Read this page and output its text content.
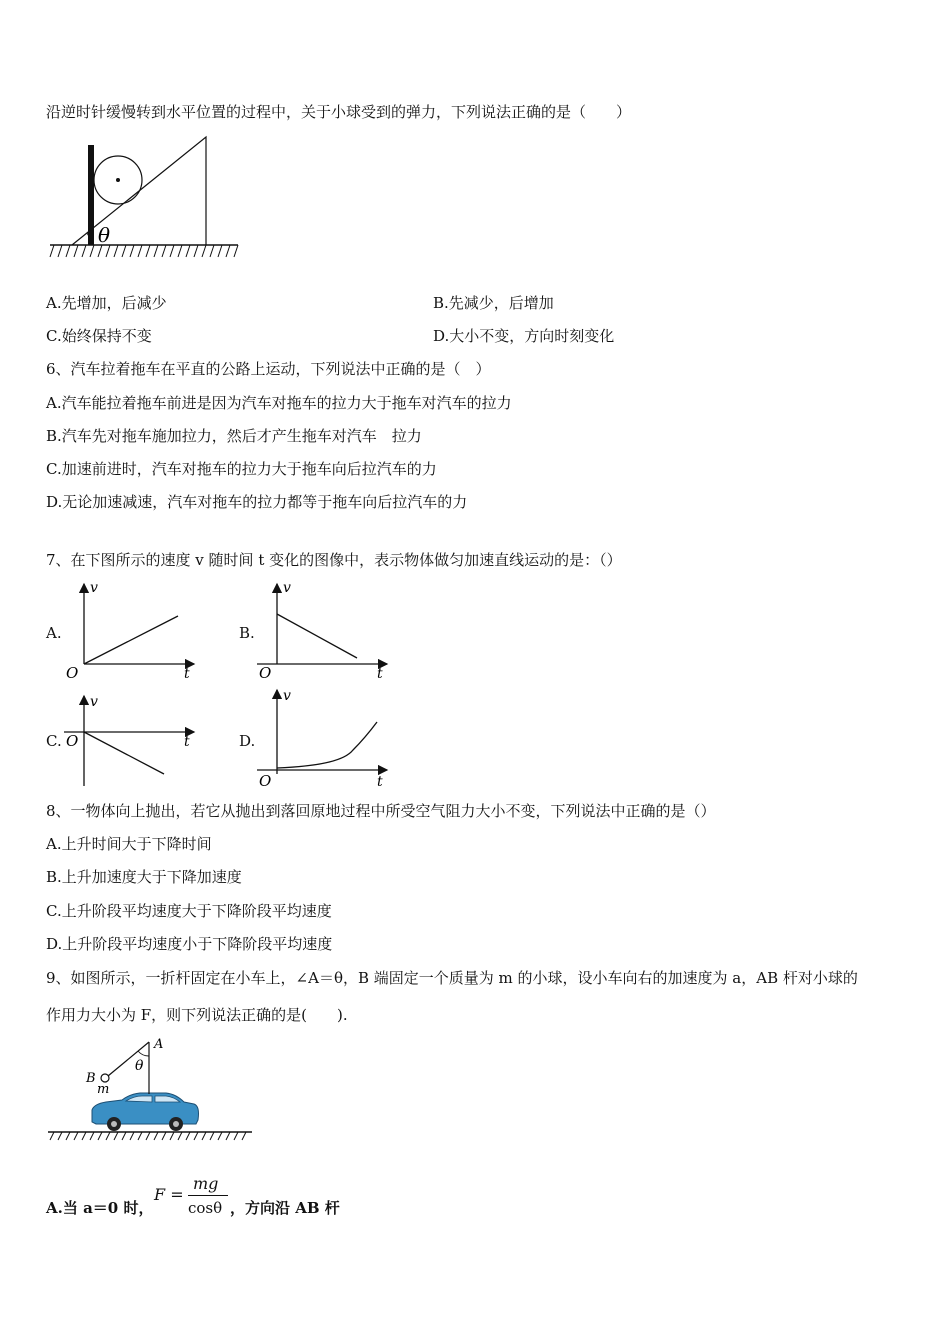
沿逆时针缓慢转到水平位置的过程中，关于小球受到的弹力，下列说法正确的是（　　）
θ
A.先增加，后减少	B.先减少，后增加
C.始终保持不变	D.大小不变，方向时刻变化
6、汽车拉着拖车在平直的公路上运动，下列说法中正确的是（　）
A.汽车能拉着拖车前进是因为汽车对拖车的拉力大于拖车对汽车的拉力
B.汽车先对拖车施加拉力，然后才产生拖车对汽车　拉力
C.加速前进时，汽车对拖车的拉力大于拖车向后拉汽车的力
D.无论加速减速，汽车对拖车的拉力都等于拖车向后拉汽车的力
7、在下图所示的速度 v 随时间 t 变化的图像中，表示物体做匀加速直线运动的是：（）
A.
v
t
O
B.
v
t
O
C.
v
t
O	D.
v
t
O
8、一物体向上抛出，若它从抛出到落回原地过程中所受空气阻力大小不变，下列说法中正确的是（）
A.上升时间大于下降时间
B.上升加速度大于下降加速度
C.上升阶段平均速度大于下降阶段平均速度
D.上升阶段平均速度小于下降阶段平均速度
9、如图所示，一折杆固定在小车上，∠A＝θ，B 端固定一个质量为 m 的小球，设小车向右的加速度为 a，AB 杆对小球的
作用力大小为 F，则下列说法正确的是(　　).
A
B
m
θ
A.当 a＝0 时，
F =
mg
cosθ ，方向沿 AB 杆
